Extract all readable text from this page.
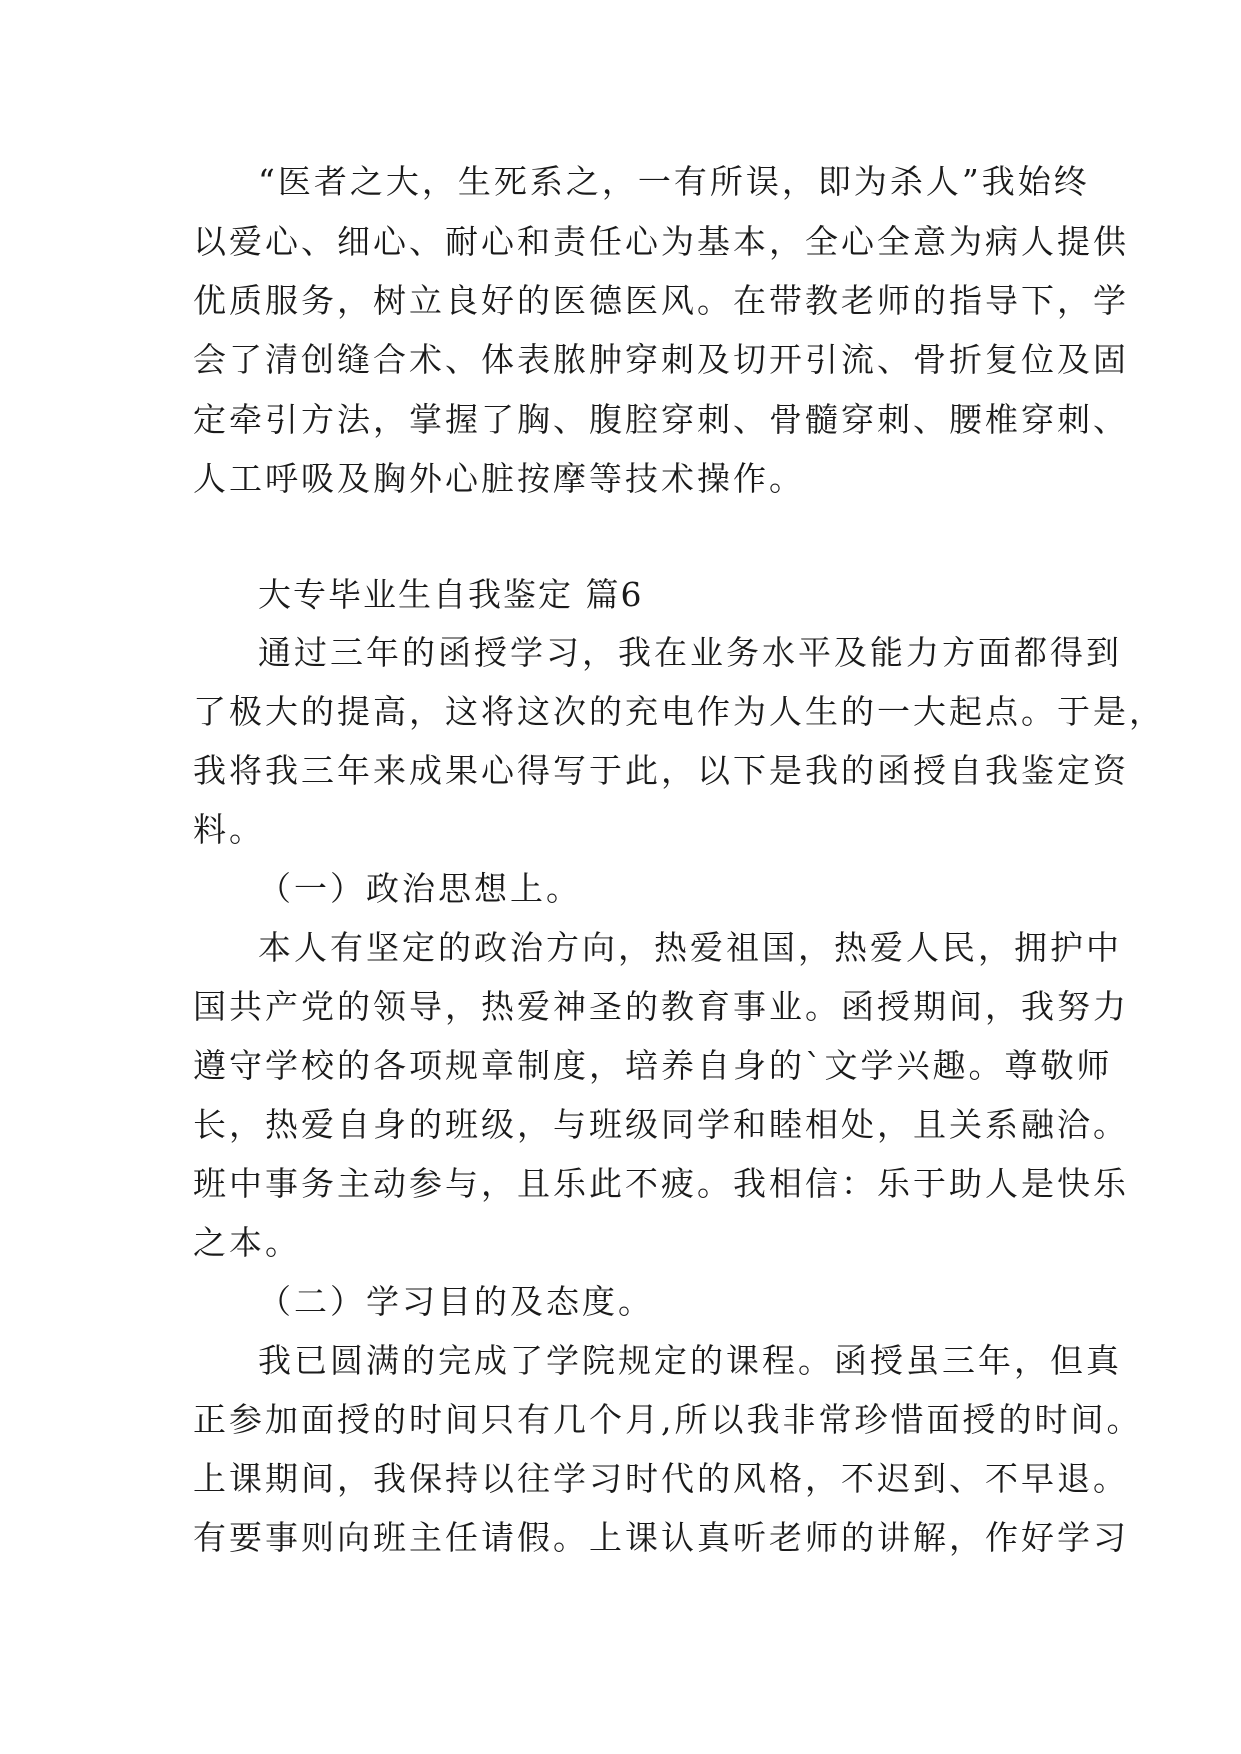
“医者之大，生死系之，一有所误，即为杀人”我始终
以爱心、细心、耐心和责任心为基本，全心全意为病人提供
优质服务，树立良好的医德医风。在带教老师的指导下，学
会了清创缝合术、体表脓肿穿刺及切开引流、骨折复位及固
定牵引方法，掌握了胸、腹腔穿刺、骨髓穿刺、腰椎穿刺、
人工呼吸及胸外心脏按摩等技术操作。
大专毕业生自我鉴定 篇6
通过三年的函授学习，我在业务水平及能力方面都得到
了极大的提高，这将这次的充电作为人生的一大起点。于是，
我将我三年来成果心得写于此，以下是我的函授自我鉴定资
料。
（一）政治思想上。
本人有坚定的政治方向，热爱祖国，热爱人民，拥护中
国共产党的领导，热爱神圣的教育事业。函授期间，我努力
遵守学校的各项规章制度，培养自身的`文学兴趣。尊敬师
长，热爱自身的班级，与班级同学和睦相处，且关系融洽。
班中事务主动参与，且乐此不疲。我相信：乐于助人是快乐
之本。
（二）学习目的及态度。
我已圆满的完成了学院规定的课程。函授虽三年，但真
正参加面授的时间只有几个月,所以我非常珍惜面授的时间。
上课期间，我保持以往学习时代的风格，不迟到、不早退。
有要事则向班主任请假。上课认真听老师的讲解，作好学习
